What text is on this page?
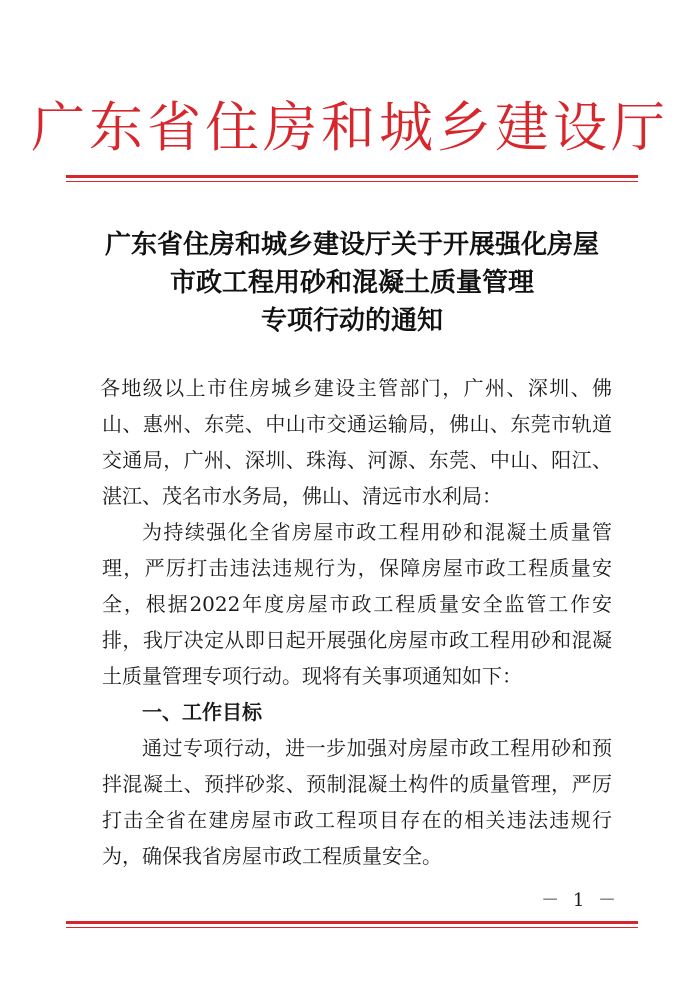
广东省住房和城乡建设厅
广东省住房和城乡建设厅关于开展强化房屋
市政工程用砂和混凝土质量管理
专项行动的通知

各地级以上市住房城乡建设主管部门，广州、深圳、佛山、惠州、东莞、中山市交通运输局，佛山、东莞市轨道交通局，广州、深圳、珠海、河源、东莞、中山、阳江、湛江、茂名市水务局，佛山、清远市水利局：

为持续强化全省房屋市政工程用砂和混凝土质量管理，严厉打击违法违规行为，保障房屋市政工程质量安全，根据2022年度房屋市政工程质量安全监管工作安排，我厅决定从即日起开展强化房屋市政工程用砂和混凝土质量管理专项行动。现将有关事项通知如下：

一、工作目标

通过专项行动，进一步加强对房屋市政工程用砂和预拌混凝土、预拌砂浆、预制混凝土构件的质量管理，严厉打击全省在建房屋市政工程项目存在的相关违法违规行为，确保我省房屋市政工程质量安全。

－ 1 －
